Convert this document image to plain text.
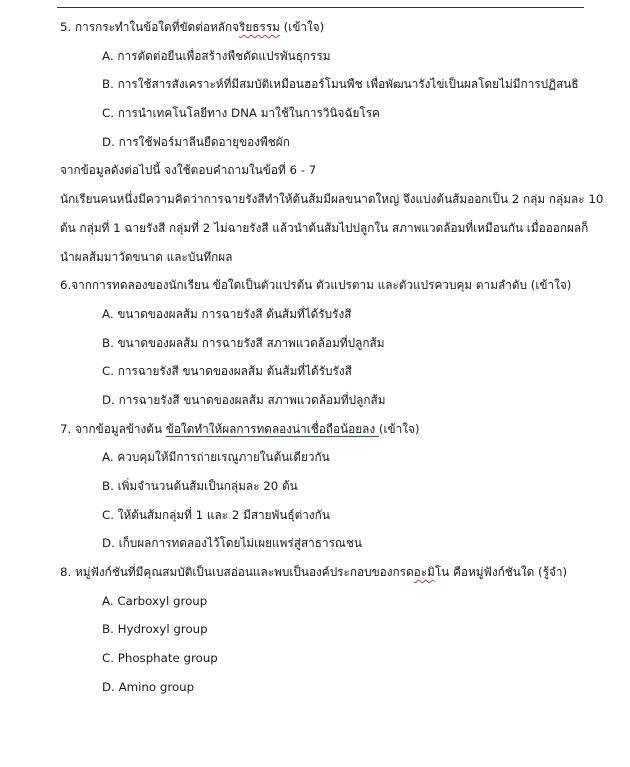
5. การกระทำในข้อใดที่ขัดต่อหลักจริยธรรม (เข้าใจ)
A. การตัดต่อยีนเพื่อสร้างพืชดัดแปรพันธุกรรม
B. การใช้สารสังเคราะห์ที่มีสมบัติเหมือนฮอร์โมนพืช เพื่อพัฒนารังไข่เป็นผลโดยไม่มีการปฏิสนธิ
C. การนำเทคโนโลยีทาง DNA มาใช้ในการวินิจฉัยโรค
D. การใช้ฟอร์มาลีนยืดอายุของพืชผัก
จากข้อมูลดังต่อไปนี้ จงใช้ตอบคำถามในข้อที่ 6 - 7
นักเรียนคนหนึ่งมีความคิดว่าการฉายรังสีทำให้ต้นส้มมีผลขนาดใหญ่ จึงแบ่งต้นส้มออกเป็น 2 กลุ่ม กลุ่มละ 10
ต้น กลุ่มที่ 1 ฉายรังสี กลุ่มที่ 2 ไม่ฉายรังสี แล้วนำต้นส้มไปปลูกใน สภาพแวดล้อมที่เหมือนกัน เมื่อออกผลก็
นำผลส้มมาวัดขนาด และบันทึกผล
6.จากการทดลองของนักเรียน ข้อใดเป็นตัวแปรต้น ตัวแปรตาม และตัวแปรควบคุม ตามลำดับ (เข้าใจ)
A. ขนาดของผลส้ม การฉายรังสี ต้นส้มที่ได้รับรังสี
B. ขนาดของผลส้ม การฉายรังสี สภาพแวดล้อมที่ปลูกส้ม
C. การฉายรังสี ขนาดของผลส้ม ต้นส้มที่ได้รับรังสี
D. การฉายรังสี ขนาดของผลส้ม สภาพแวดล้อมที่ปลูกส้ม
7. จากข้อมูลข้างต้น ข้อใดทำให้ผลการทดลองน่าเชื่อถือน้อยลง (เข้าใจ)
A. ควบคุมให้มีการถ่ายเรณูภายในต้นเดียวกัน
B. เพิ่มจำนวนต้นส้มเป็นกลุ่มละ 20 ต้น
C. ให้ต้นส้มกลุ่มที่ 1 และ 2 มีสายพันธุ์ต่างกัน
D. เก็บผลการทดลองไว้โดยไม่เผยแพร่สู่สาธารณชน
8. หมู่ฟังก์ชันที่มีคุณสมบัติเป็นเบสอ่อนและพบเป็นองค์ประกอบของกรดอะมิโน คือหมู่ฟังก์ชันใด (รู้จำ)
A. Carboxyl group
B. Hydroxyl group
C. Phosphate group
D. Amino group
